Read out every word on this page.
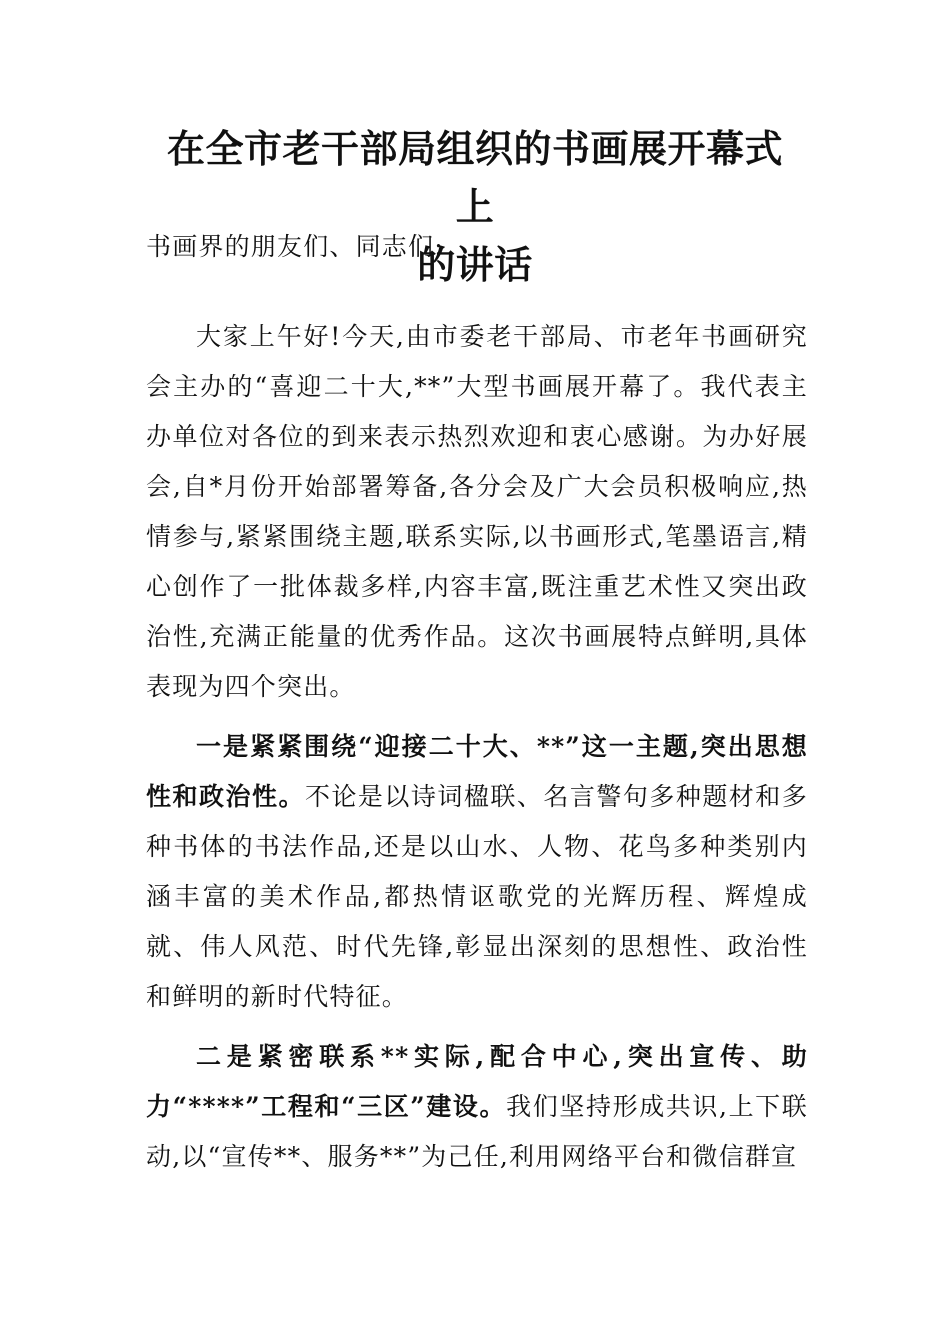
在全市老干部局组织的书画展开幕式上
的讲话
书画界的朋友们、同志们:
大家上午好!今天,由市委老干部局、市老年书画研究会主办的“喜迎二十大,**”大型书画展开幕了。我代表主办单位对各位的到来表示热烈欢迎和衷心感谢。为办好展会,自*月份开始部署筹备,各分会及广大会员积极响应,热情参与,紧紧围绕主题,联系实际,以书画形式,笔墨语言,精心创作了一批体裁多样,内容丰富,既注重艺术性又突出政治性,充满正能量的优秀作品。这次书画展特点鲜明,具体表现为四个突出。
一是紧紧围绕“迎接二十大、**”这一主题,突出思想性和政治性。不论是以诗词楹联、名言警句多种题材和多种书体的书法作品,还是以山水、人物、花鸟多种类别内涵丰富的美术作品,都热情讴歌党的光辉历程、辉煌成就、伟人风范、时代先锋,彰显出深刻的思想性、政治性和鲜明的新时代特征。
二是紧密联系**实际,配合中心,突出宣传、助力“****”工程和“三区”建设。我们坚持形成共识,上下联动,以“宣传**、服务**”为己任,利用网络平台和微信群宣
